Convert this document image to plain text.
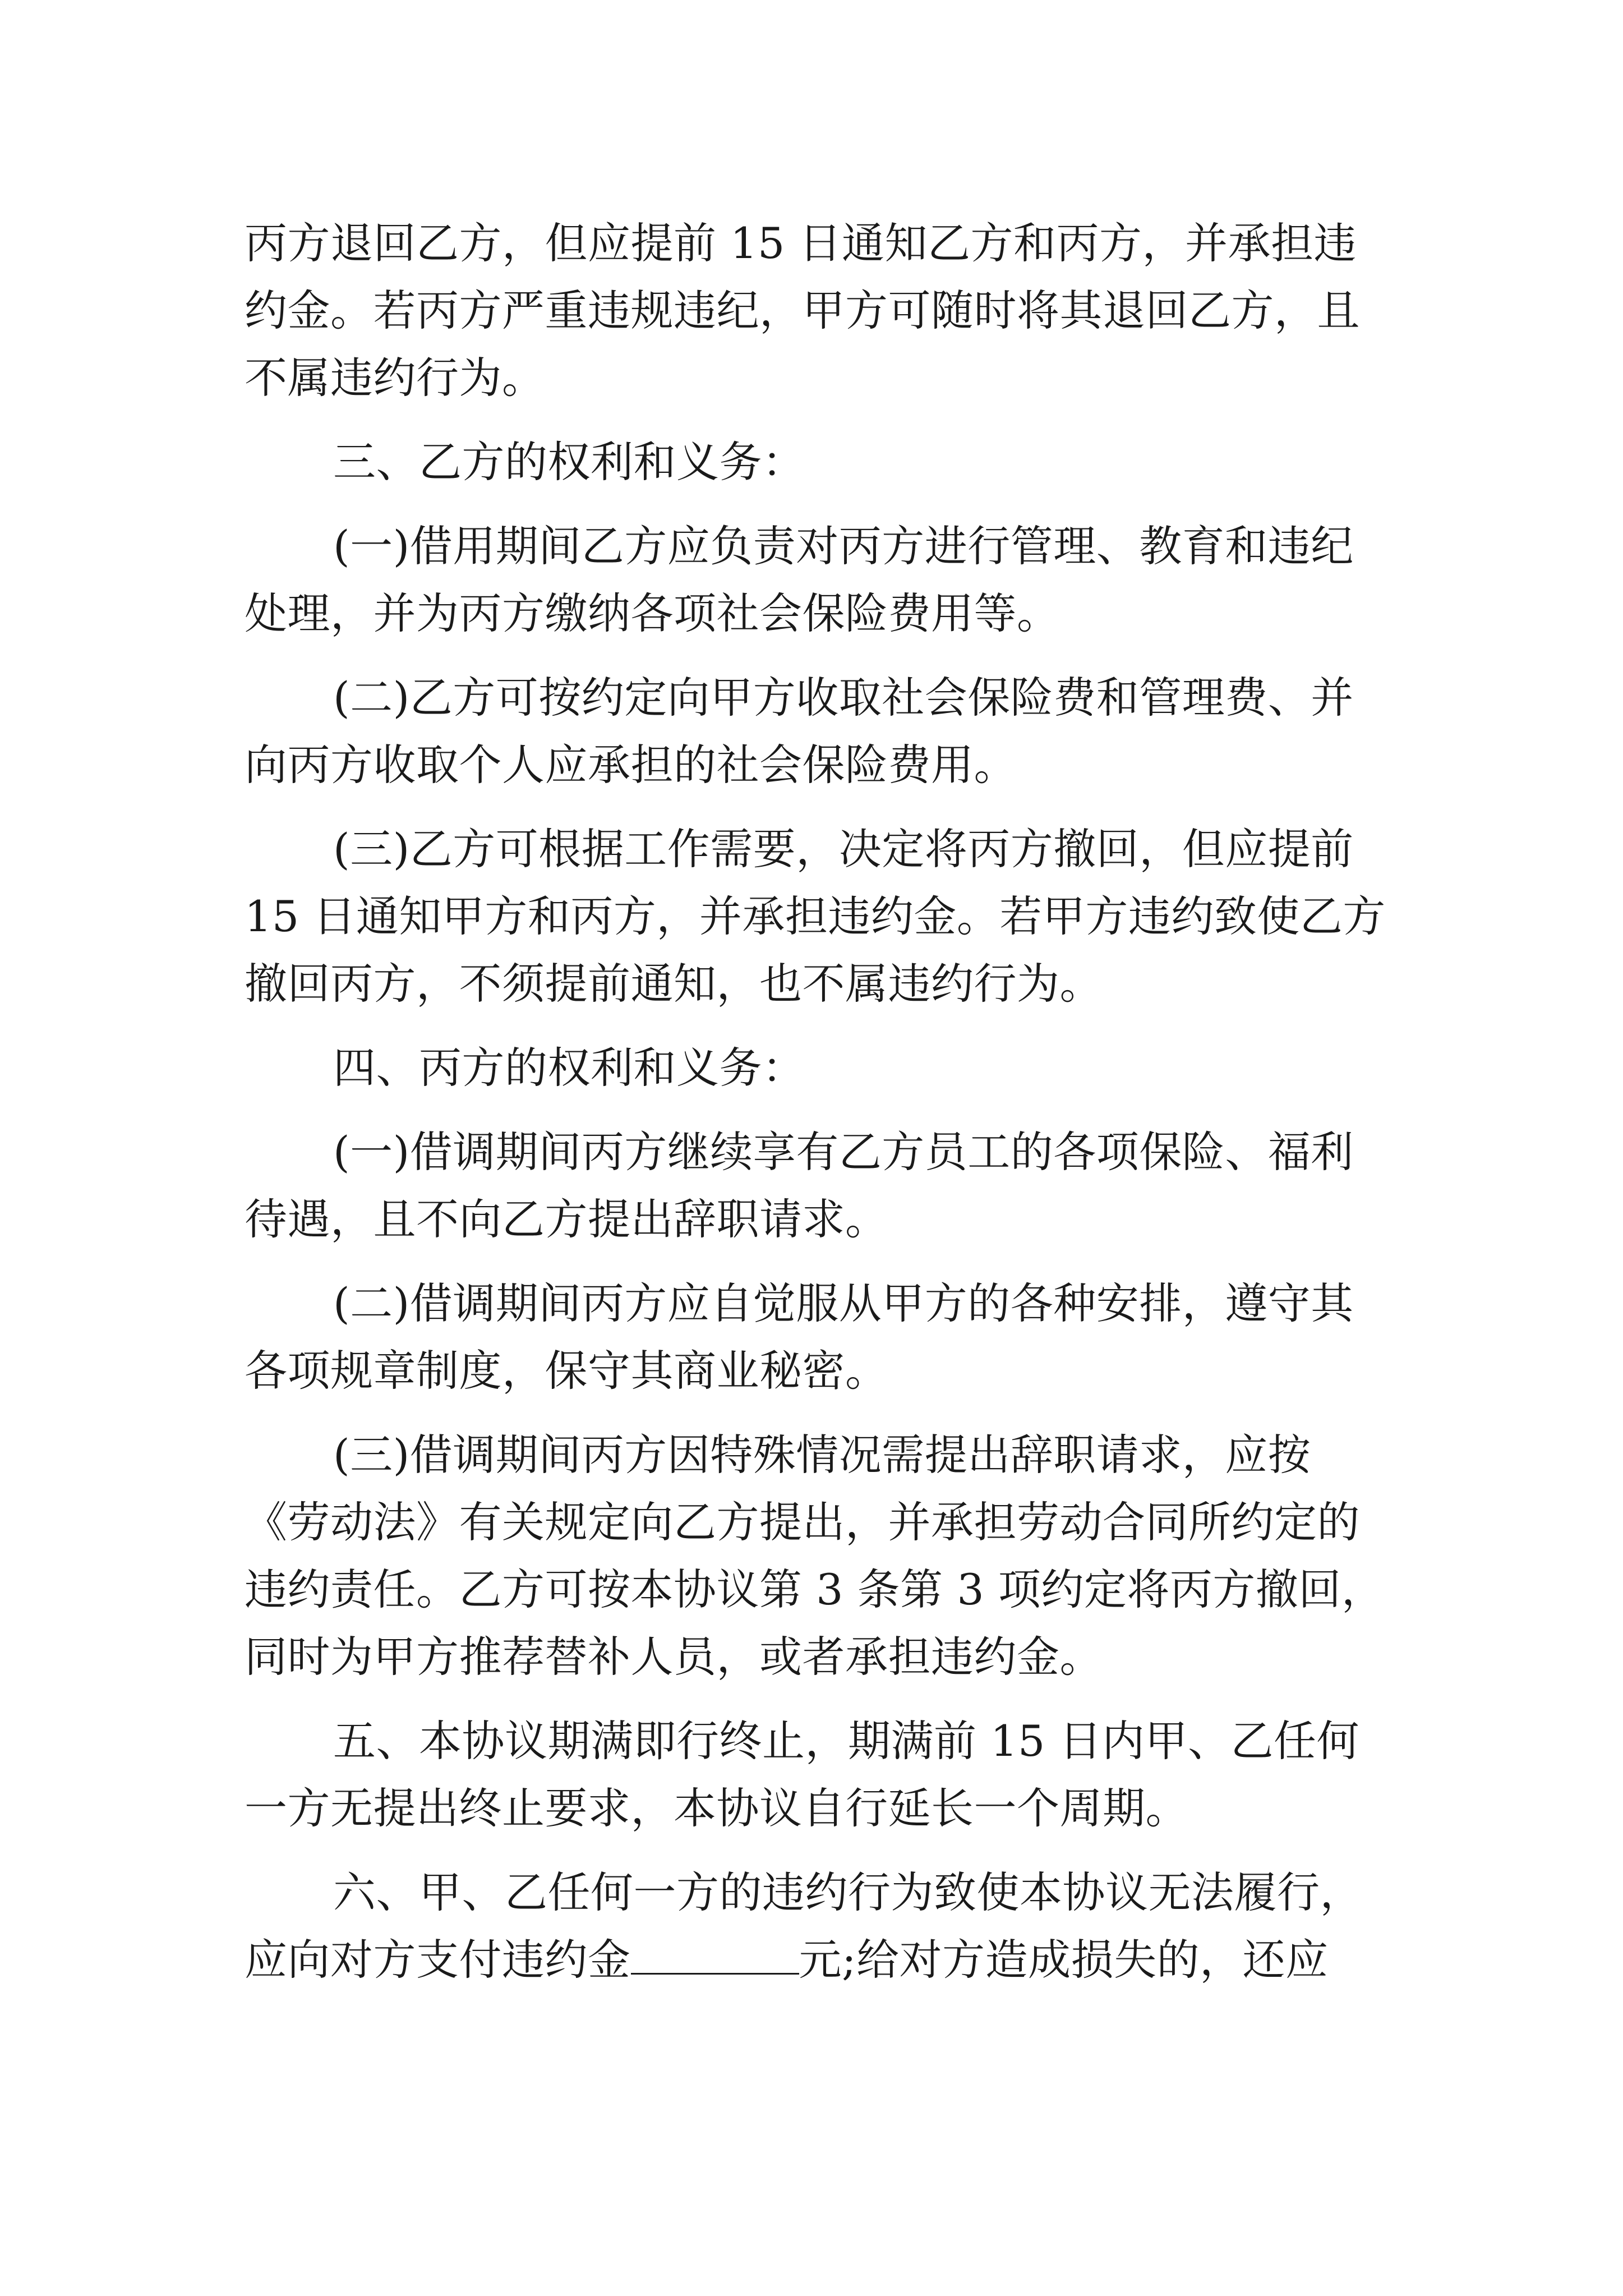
丙方退回乙方，但应提前 15 日通知乙方和丙方，并承担违
约金。若丙方严重违规违纪，甲方可随时将其退回乙方，且
不属违约行为。
三、乙方的权利和义务：
(一)借用期间乙方应负责对丙方进行管理、教育和违纪
处理，并为丙方缴纳各项社会保险费用等。
(二)乙方可按约定向甲方收取社会保险费和管理费、并
向丙方收取个人应承担的社会保险费用。
(三)乙方可根据工作需要，决定将丙方撤回，但应提前
15 日通知甲方和丙方，并承担违约金。若甲方违约致使乙方
撤回丙方，不须提前通知，也不属违约行为。
四、丙方的权利和义务：
(一)借调期间丙方继续享有乙方员工的各项保险、福利
待遇，且不向乙方提出辞职请求。
(二)借调期间丙方应自觉服从甲方的各种安排，遵守其
各项规章制度，保守其商业秘密。
(三)借调期间丙方因特殊情况需提出辞职请求，应按
《劳动法》有关规定向乙方提出，并承担劳动合同所约定的
违约责任。乙方可按本协议第 3 条第 3 项约定将丙方撤回，
同时为甲方推荐替补人员，或者承担违约金。
五、本协议期满即行终止，期满前 15 日内甲、乙任何
一方无提出终止要求，本协议自行延长一个周期。
六、甲、乙任何一方的违约行为致使本协议无法履行，
应向对方支付违约金	元;给对方造成损失的，还应
